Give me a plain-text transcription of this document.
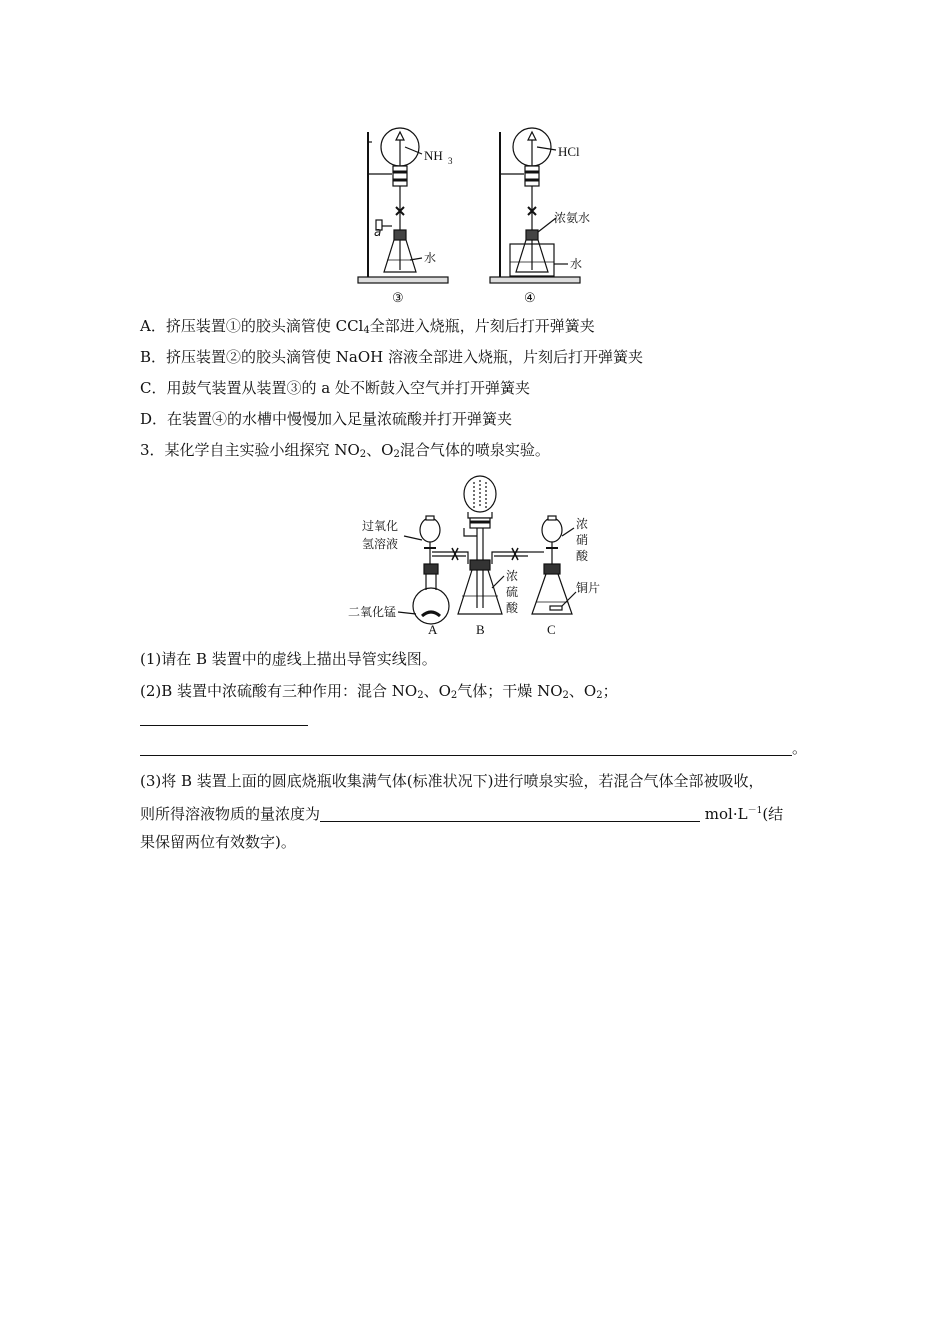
NH 3
a
水
③
HCl
浓氨水
水
④
A．挤压装置①的胶头滴管使 CCl$_4$全部进入烧瓶，片刻后打开弹簧夹
B．挤压装置②的胶头滴管使 NaOH 溶液全部进入烧瓶，片刻后打开弹簧夹
C．用鼓气装置从装置③的 a 处不断鼓入空气并打开弹簧夹
D．在装置④的水槽中慢慢加入足量浓硫酸并打开弹簧夹
3．某化学自主实验小组探究 $NO_2$、$O_2$混合气体的喷泉实验。
过氧化
氢溶液
浓
硝
酸
浓
硫
酸
铜片
二氧化锰
A	B	C
(1)请在 B 装置中的虚线上描出导管实线图。
(2)B 装置中浓硫酸有三种作用：混合 $NO_2$、$O_2$气体；干燥 $NO_2$、$O_2$；
。
(3)将 B 装置上面的圆底烧瓶收集满气体(标准状况下)进行喷泉实验，若混合气体全部被吸收，
则所得溶液物质的量浓度为	$mol\cdot L^{-1}$(结
果保留两位有效数字)。
